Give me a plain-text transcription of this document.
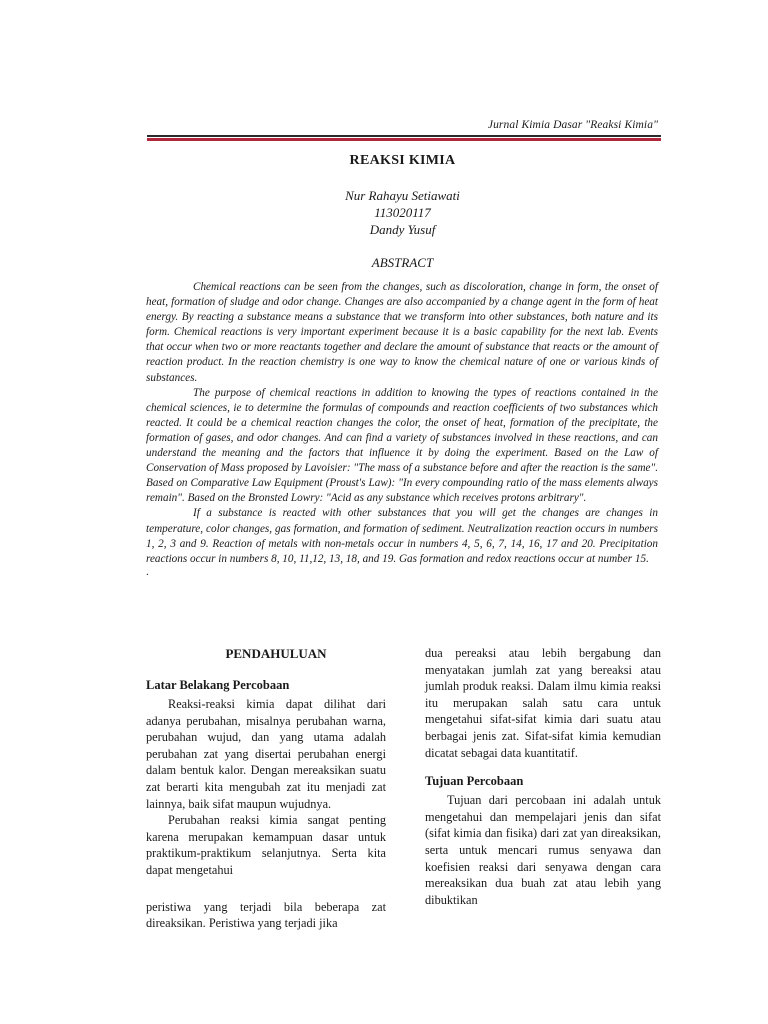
Jurnal Kimia Dasar "Reaksi Kimia"
REAKSI KIMIA
Nur Rahayu Setiawati
113020117
Dandy Yusuf
ABSTRACT

Chemical reactions can be seen from the changes, such as discoloration, change in form, the onset of heat, formation of sludge and odor change. Changes are also accompanied by a change agent in the form of heat energy. By reacting a substance means a substance that we transform into other substances, both nature and its form. Chemical reactions is very important experiment because it is a basic capability for the next lab. Events that occur when two or more reactants together and declare the amount of substance that reacts or the amount of reaction product. In the reaction chemistry is one way to know the chemical nature of one or various kinds of substances.

The purpose of chemical reactions in addition to knowing the types of reactions contained in the chemical sciences, ie to determine the formulas of compounds and reaction coefficients of two substances which reacted. It could be a chemical reaction changes the color, the onset of heat, formation of the precipitate, the formation of gases, and odor changes. And can find a variety of substances involved in these reactions, and can understand the meaning and the factors that influence it by doing the experiment. Based on the Law of Conservation of Mass proposed by Lavoisier: "The mass of a substance before and after the reaction is the same". Based on Comparative Law Equipment (Proust's Law): "In every compounding ratio of the mass elements always remain". Based on the Bronsted Lowry: "Acid as any substance which receives protons arbitrary".

If a substance is reacted with other substances that you will get the changes are changes in temperature, color changes, gas formation, and formation of sediment. Neutralization reaction occurs in numbers 1, 2, 3 and 9. Reaction of metals with non-metals occur in numbers 4, 5, 6, 7, 14, 16, 17 and 20. Precipitation reactions occur in numbers 8, 10, 11,12, 13, 18, and 19. Gas formation and redox reactions occur at number 15.

.

PENDAHULUAN
Latar Belakang Percobaan

Reaksi-reaksi kimia dapat dilihat dari adanya perubahan, misalnya perubahan warna, perubahan wujud, dan yang utama adalah perubahan zat yang disertai perubahan energi dalam bentuk kalor. Dengan mereaksikan suatu zat berarti kita mengubah zat itu menjadi zat lainnya, baik sifat maupun wujudnya.

Perubahan reaksi kimia sangat penting karena merupakan kemampuan dasar untuk praktikum-praktikum selanjutnya. Serta kita dapat mengetahui

peristiwa yang terjadi bila beberapa zat direaksikan. Peristiwa yang terjadi jika

dua pereaksi atau lebih bergabung dan menyatakan jumlah zat yang bereaksi atau jumlah produk reaksi. Dalam ilmu kimia reaksi itu merupakan salah satu cara untuk mengetahui sifat-sifat kimia dari suatu atau berbagai jenis zat. Sifat-sifat kimia kemudian dicatat sebagai data kuantitatif.

Tujuan Percobaan

Tujuan dari percobaan ini adalah untuk mengetahui dan mempelajari jenis dan sifat (sifat kimia dan fisika) dari zat yan direaksikan, serta untuk mencari rumus senyawa dan koefisien reaksi dari senyawa dengan cara mereaksikan dua buah zat atau lebih yang dibuktikan
